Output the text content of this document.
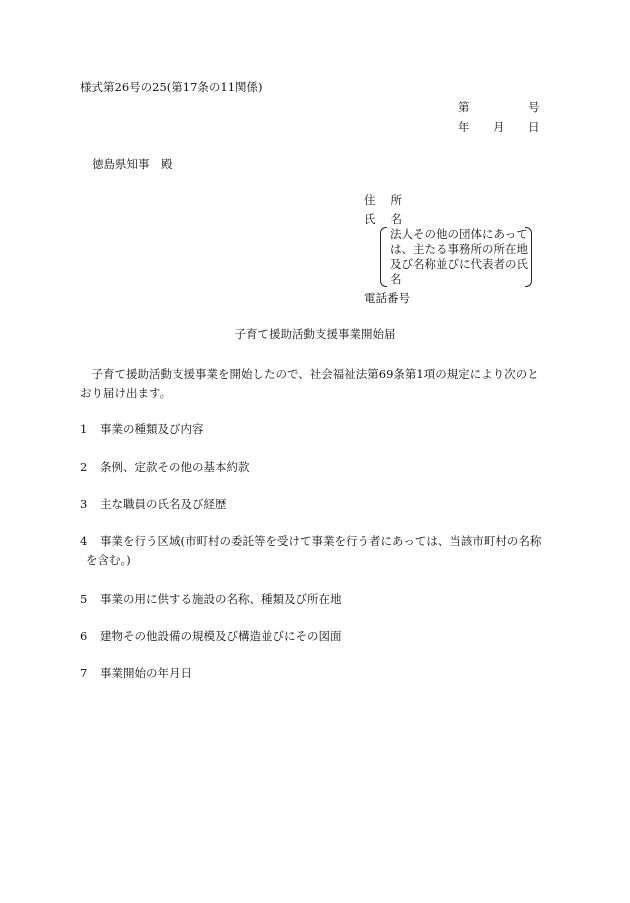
様式第26号の25(第17条の11関係)
第	号
年 月 日
徳島県知事　殿
住 所
氏 名
法人その他の団体にあっては、主たる事務所の所在地及び名称並びに代表者の氏名
電話番号
子育て援助活動支援事業開始届
子育て援助活動支援事業を開始したので、社会福祉法第69条第1項の規定により次のとおり届け出ます。
1 事業の種類及び内容
2 条例、定款その他の基本約款
3 主な職員の氏名及び経歴
4 事業を行う区域(市町村の委託等を受けて事業を行う者にあっては、当該市町村の名称
を含む。)
5 事業の用に供する施設の名称、種類及び所在地
6 建物その他設備の規模及び構造並びにその図面
7 事業開始の年月日
